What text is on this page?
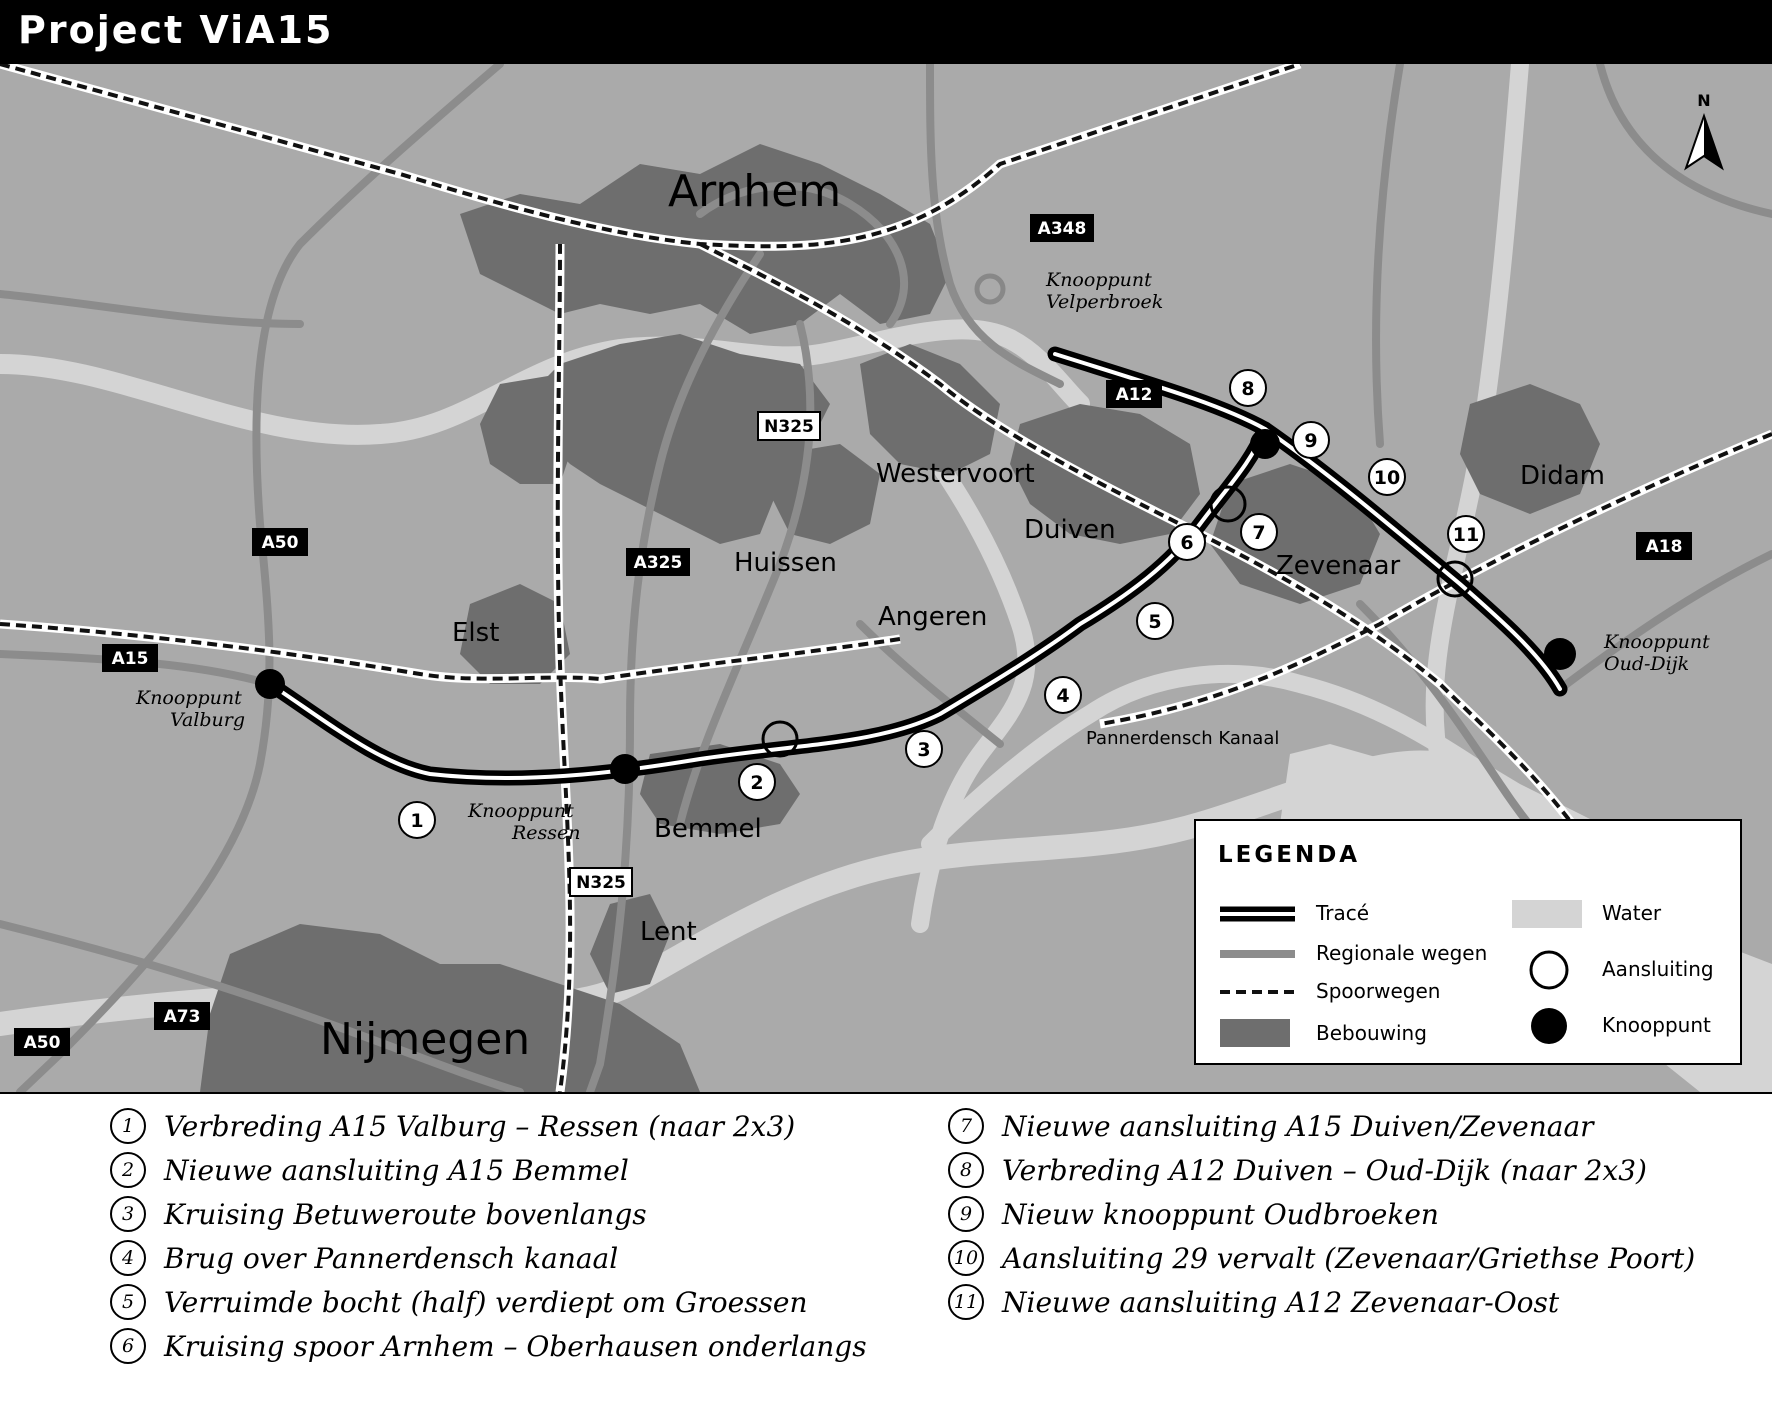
Project ViA15
A348
A12
N325
A325
A50
A15
A18
N325
A73
A50
Arnhem
Nijmegen
Westervoort
Duiven
Zevenaar
Didam
Huissen
Angeren
Elst
Bemmel
Lent
Pannerdensch Kanaal
Knooppunt
Velperbroek
Knooppunt
Valburg
Knooppunt
Ressen
Knooppunt
Oud-Dijk
1
2
3
4
5
6	7
8
9
10
11
N
LEGENDA
Tracé
Regionale wegen
Spoorwegen
Bebouwing
Water
Aansluiting
Knooppunt
1	Verbreding A15 Valburg – Ressen (naar 2x3)
2	Nieuwe aansluiting A15 Bemmel
3	Kruising Betuweroute bovenlangs
4	Brug over Pannerdensch kanaal
5	Verruimde bocht (half) verdiept om Groessen
6	Kruising spoor Arnhem – Oberhausen onderlangs
7	Nieuwe aansluiting A15 Duiven/Zevenaar
8	Verbreding A12 Duiven – Oud-Dijk (naar 2x3)
9	Nieuw knooppunt Oudbroeken
10 Aansluiting 29 vervalt (Zevenaar/Griethse Poort)
11 Nieuwe aansluiting A12 Zevenaar-Oost
